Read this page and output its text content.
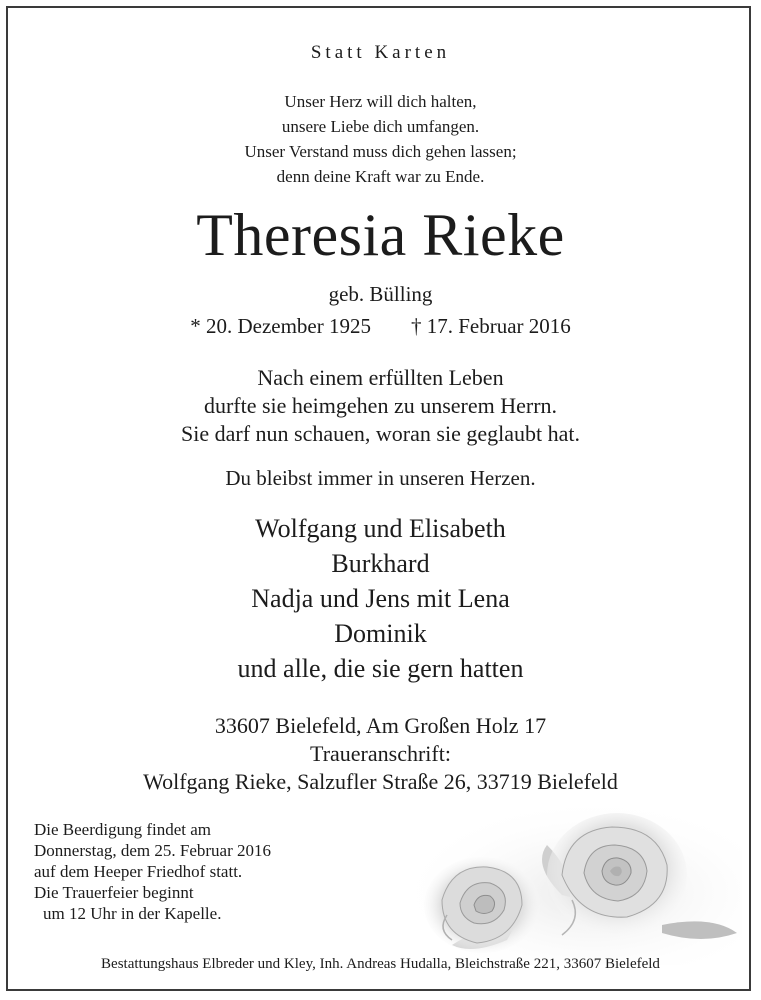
Statt Karten
Unser Herz will dich halten,
unsere Liebe dich umfangen.
Unser Verstand muss dich gehen lassen;
denn deine Kraft war zu Ende.
Theresia Rieke
geb. Bülling
* 20. Dezember 1925 † 17. Februar 2016
Nach einem erfüllten Leben
durfte sie heimgehen zu unserem Herrn.
Sie darf nun schauen, woran sie geglaubt hat.
Du bleibst immer in unseren Herzen.
Wolfgang und Elisabeth
Burkhard
Nadja und Jens mit Lena
Dominik
und alle, die sie gern hatten
33607 Bielefeld, Am Großen Holz 17
Traueranschrift:
Wolfgang Rieke, Salzufler Straße 26, 33719 Bielefeld
Die Beerdigung findet am
Donnerstag, dem 25. Februar 2016
auf dem Heeper Friedhof statt.
Die Trauerfeier beginnt
um 12 Uhr in der Kapelle.
Bestattungshaus Elbreder und Kley, Inh. Andreas Hudalla, Bleichstraße 221, 33607 Bielefeld
